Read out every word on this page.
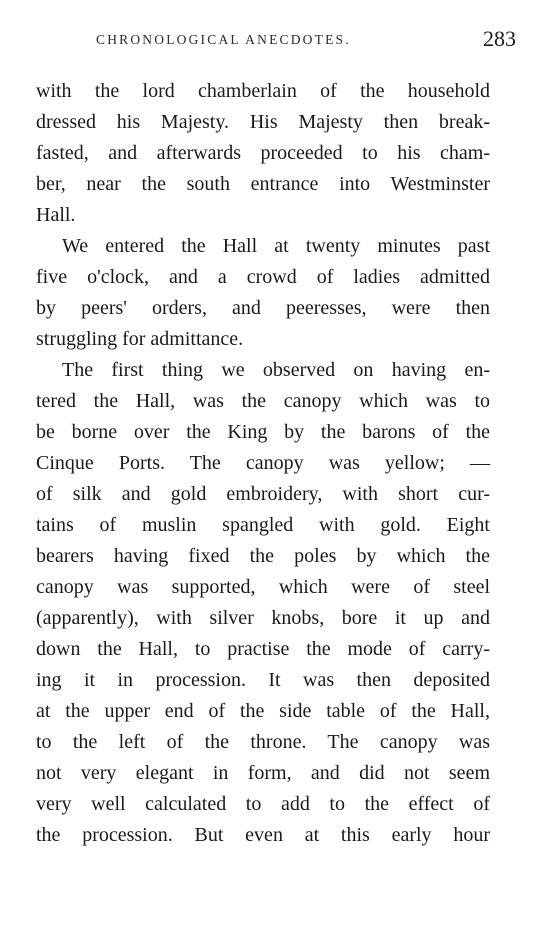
CHRONOLOGICAL ANECDOTES.	283
with the lord chamberlain of the household
dressed his Majesty. His Majesty then break-
fasted, and afterwards proceeded to his cham-
ber, near the south entrance into Westminster
Hall.
We entered the Hall at twenty minutes past
five o'clock, and a crowd of ladies admitted
by peers' orders, and peeresses, were then
struggling for admittance.
The first thing we observed on having en-
tered the Hall, was the canopy which was to
be borne over the King by the barons of the
Cinque Ports. The canopy was yellow; —
of silk and gold embroidery, with short cur-
tains of muslin spangled with gold. Eight
bearers having fixed the poles by which the
canopy was supported, which were of steel
(apparently), with silver knobs, bore it up and
down the Hall, to practise the mode of carry-
ing it in procession. It was then deposited
at the upper end of the side table of the Hall,
to the left of the throne. The canopy was
not very elegant in form, and did not seem
very well calculated to add to the effect of
the procession. But even at this early hour
